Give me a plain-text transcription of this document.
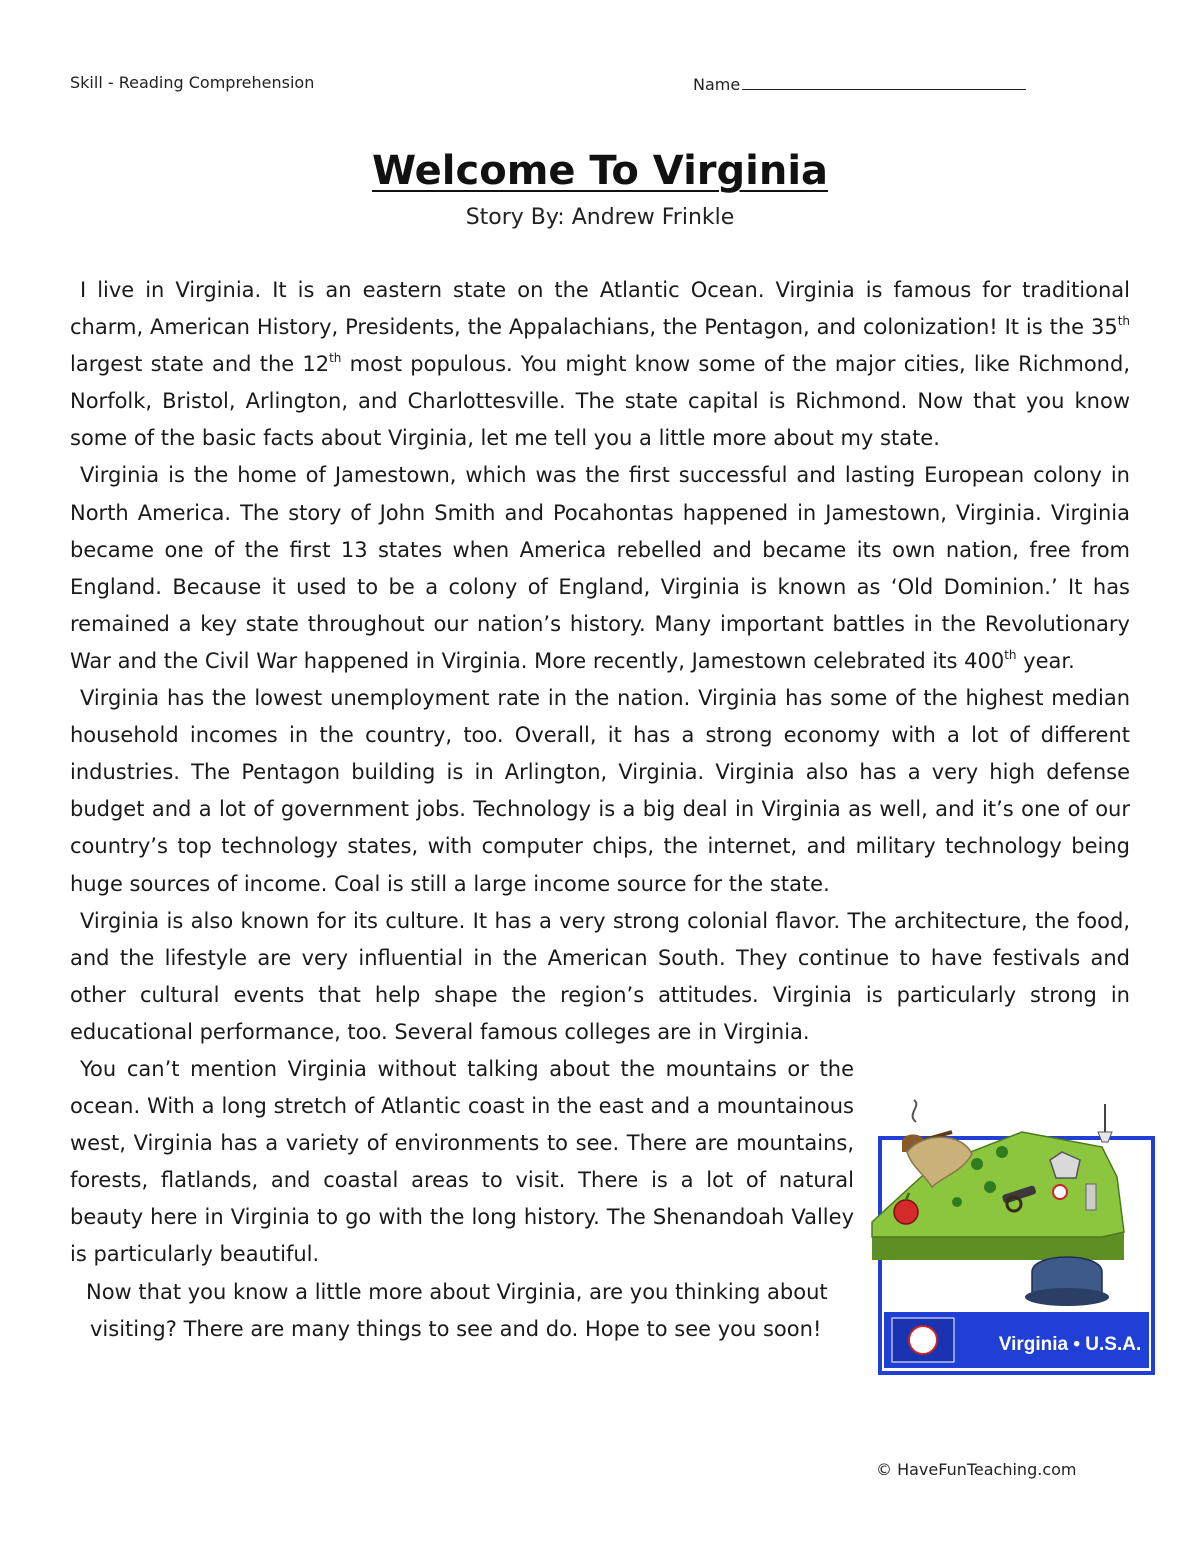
Skill - Reading Comprehension	Name
Welcome To Virginia
Story By: Andrew Frinkle

I live in Virginia. It is an eastern state on the Atlantic Ocean. Virginia is famous for traditional charm, American History, Presidents, the Appalachians, the Pentagon, and colonization! It is the 35th largest state and the 12th most populous. You might know some of the major cities, like Richmond, Norfolk, Bristol, Arlington, and Charlottesville. The state capital is Richmond. Now that you know some of the basic facts about Virginia, let me tell you a little more about my state.

Virginia is the home of Jamestown, which was the first successful and lasting European colony in North America. The story of John Smith and Pocahontas happened in Jamestown, Virginia. Virginia became one of the first 13 states when America rebelled and became its own nation, free from England. Because it used to be a colony of England, Virginia is known as ‘Old Dominion.’ It has remained a key state throughout our nation’s history. Many important battles in the Revolutionary War and the Civil War happened in Virginia. More recently, Jamestown celebrated its 400th year.

Virginia has the lowest unemployment rate in the nation. Virginia has some of the highest median household incomes in the country, too. Overall, it has a strong economy with a lot of different industries. The Pentagon building is in Arlington, Virginia. Virginia also has a very high defense budget and a lot of government jobs. Technology is a big deal in Virginia as well, and it’s one of our country’s top technology states, with computer chips, the internet, and military technology being huge sources of income. Coal is still a large income source for the state.

Virginia is also known for its culture. It has a very strong colonial flavor. The architecture, the food, and the lifestyle are very influential in the American South. They continue to have festivals and other cultural events that help shape the region’s attitudes. Virginia is particularly strong in educational performance, too. Several famous colleges are in Virginia.

You can’t mention Virginia without talking about the mountains or the ocean. With a long stretch of Atlantic coast in the east and a mountainous west, Virginia has a variety of environments to see. There are mountains, forests, flatlands, and coastal areas to visit. There is a lot of natural beauty here in Virginia to go with the long history. The Shenandoah Valley is particularly beautiful.

Now that you know a little more about Virginia, are you thinking about
visiting? There are many things to see and do. Hope to see you soon!

Virginia • U.S.A.
© HaveFunTeaching.com
